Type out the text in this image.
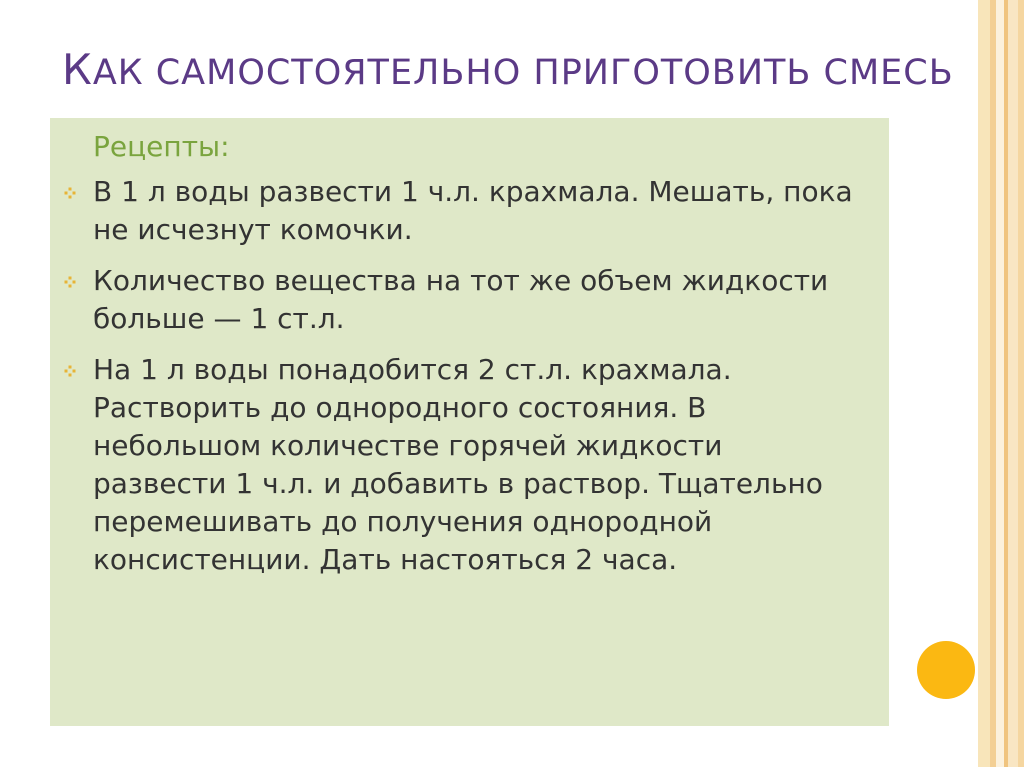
КАК САМОСТОЯТЕЛЬНО ПРИГОТОВИТЬ СМЕСЬ
Рецепты:
В 1 л воды развести 1 ч.л. крахмала. Мешать, пока не исчезнут комочки.
Количество вещества на тот же объем жидкости больше — 1 ст.л.
На 1 л воды понадобится 2 ст.л. крахмала. Растворить до однородного состояния. В небольшом количестве горячей жидкости развести 1 ч.л. и добавить в раствор. Тщательно перемешивать до получения однородной консистенции. Дать настояться 2 часа.
